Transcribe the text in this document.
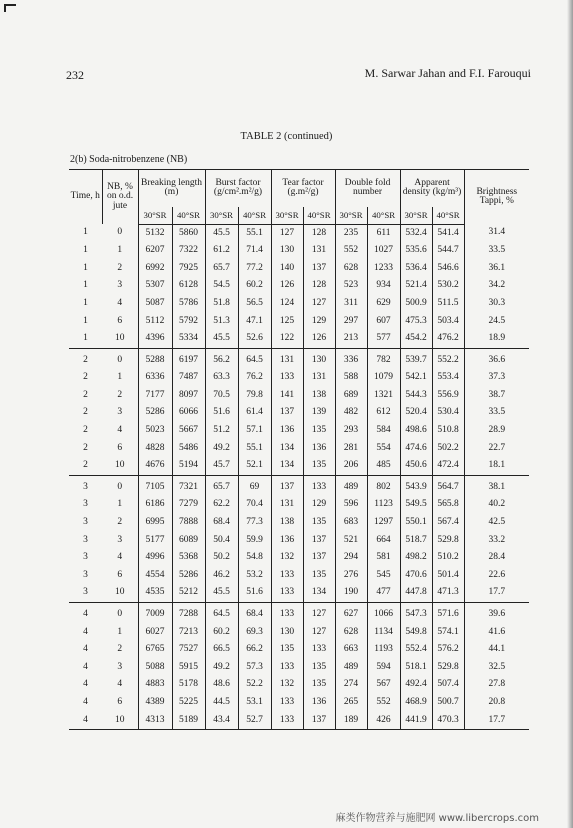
232	M. Sarwar Jahan and F.I. Farouqui
TABLE 2 (continued)
2(b) Soda-nitrobenzene (NB)
Time, h	NB, % on o.d. jute	Breaking length (m)		Burst factor (g/cm².m²/g)		Tear factor (g.m²/g)		Double fold number		Apparent density (kg/m³)		Brightness Tappi, %
		30°SR	40°SR	30°SR	40°SR	30°SR	40°SR	30°SR	40°SR	30°SR	40°SR	
1	0	5132	5860	45.5	55.1	127	128	235	611	532.4	541.4	31.4
1	1	6207	7322	61.2	71.4	130	131	552	1027	535.6	544.7	33.5
1	2	6992	7925	65.7	77.2	140	137	628	1233	536.4	546.6	36.1
1	3	5307	6128	54.5	60.2	126	128	523	934	521.4	530.2	34.2
1	4	5087	5786	51.8	56.5	124	127	311	629	500.9	511.5	30.3
1	6	5112	5792	51.3	47.1	125	129	297	607	475.3	503.4	24.5
1	10	4396	5334	45.5	52.6	122	126	213	577	454.2	476.2	18.9
2	0	5288	6197	56.2	64.5	131	130	336	782	539.7	552.2	36.6
2	1	6336	7487	63.3	76.2	133	131	588	1079	542.1	553.4	37.3
2	2	7177	8097	70.5	79.8	141	138	689	1321	544.3	556.9	38.7
2	3	5286	6066	51.6	61.4	137	139	482	612	520.4	530.4	33.5
2	4	5023	5667	51.2	57.1	136	135	293	584	498.6	510.8	28.9
2	6	4828	5486	49.2	55.1	134	136	281	554	474.6	502.2	22.7
2	10	4676	5194	45.7	52.1	134	135	206	485	450.6	472.4	18.1
3	0	7105	7321	65.7	69	137	133	489	802	543.9	564.7	38.1
3	1	6186	7279	62.2	70.4	131	129	596	1123	549.5	565.8	40.2
3	2	6995	7888	68.4	77.3	138	135	683	1297	550.1	567.4	42.5
3	3	5177	6089	50.4	59.9	136	137	521	664	518.7	529.8	33.2
3	4	4996	5368	50.2	54.8	132	137	294	581	498.2	510.2	28.4
3	6	4554	5286	46.2	53.2	133	135	276	545	470.6	501.4	22.6
3	10	4535	5212	45.5	51.6	133	134	190	477	447.8	471.3	17.7
4	0	7009	7288	64.5	68.4	133	127	627	1066	547.3	571.6	39.6
4	1	6027	7213	60.2	69.3	130	127	628	1134	549.8	574.1	41.6
4	2	6765	7527	66.5	66.2	135	133	663	1193	552.4	576.2	44.1
4	3	5088	5915	49.2	57.3	133	135	489	594	518.1	529.8	32.5
4	4	4883	5178	48.6	52.2	132	135	274	567	492.4	507.4	27.8
4	6	4389	5225	44.5	53.1	133	136	265	552	468.9	500.7	20.8
4	10	4313	5189	43.4	52.7	133	137	189	426	441.9	470.3	17.7
麻类作物营养与施肥网 www.libercrops.com
